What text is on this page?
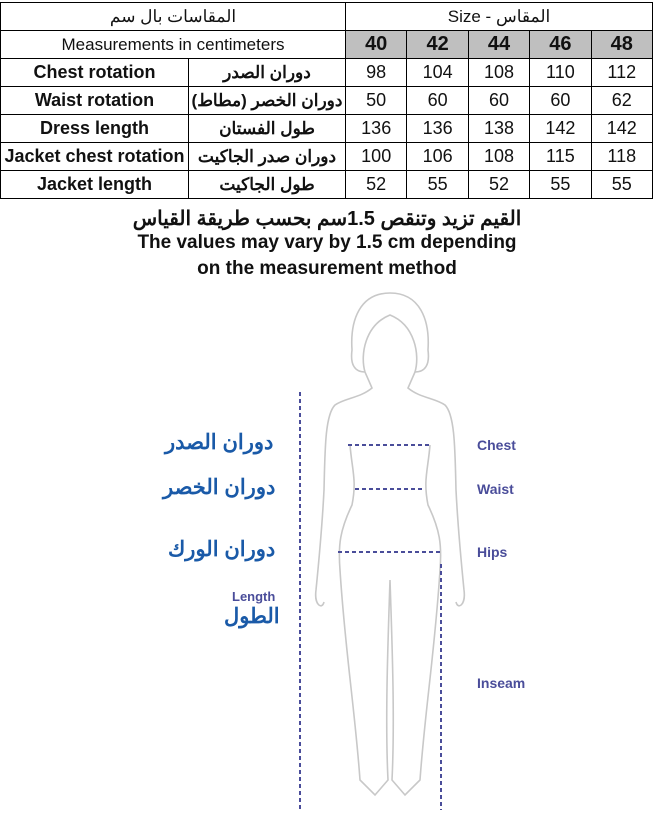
المقاسات بال سم		Size - المقاس				
Measurements in centimeters		40	42	44	46	48
Chest rotation	دوران الصدر	98	104	108	110	112
Waist rotation	دوران الخصر (مطاط)	50	60	60	60	62
Dress length	طول الفستان	136	136	138	142	142
Jacket chest rotation	دوران صدر الجاكيت	100	106	108	115	118
Jacket length	طول الجاكيت	52	55	52	55	55
القيم تزيد وتنقص 1.5سم بحسب طريقة القياس
The values may vary by 1.5 cm depending
on the measurement method
دوران الصدر
دوران الخصر
دوران الورك
Length
الطول
Chest
Waist
Hips
Inseam
